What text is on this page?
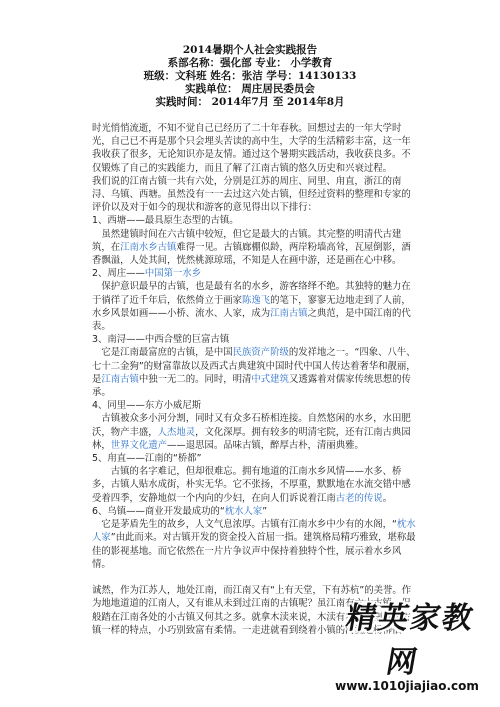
2014暑期个人社会实践报告
系部名称：强化部 专业： 小学教育
班级：文科班 姓名：张洁 学号：14130133
实践单位： 周庄居民委员会
实践时间： 2014年7月 至 2014年8月
时光悄悄流逝，不知不觉自己已经历了二十年春秋。回想过去的一年大学时光，自己已不再是那个只会埋头苦读的高中生，大学的生活精彩丰富，这一年我收获了很多，无论知识亦是友情。通过这个暑期实践活动，我收获良多。不仅锻炼了自己的实践能力，而且了解了江南古镇的悠久历史和兴衰过程。
我们说的江南古镇一共有六处，分别是江苏的周庄、同里、甪直，浙江的南浔、乌镇、西塘。虽然没有一一去过这六处古镇，但经过资料的整理和专家的评价以及对于如今的现状和游客的意见得出以下排行：
1、西塘——最具原生态型的古镇。
　虽然建镇时间在六古镇中较短，但它是最大的古镇。其完整的明清代古建筑，在江南水乡古镇难得一见。古镇廊棚似龄，两岸粉墙高耸，瓦屋倒影，酒香飘溢，人处其间，恍然桃源琼瑶，不知是人在画中游，还是画在心中移。
2、周庄——中国第一水乡
　保护意识最早的古镇，也是最有名的水乡，游客络绎不绝。其独特的魅力在于徜徉了近千年后，依然倚立于画家陈逸飞的笔下，寥寥无边地走到了人前，水乡风景如画——小桥、流水、人家，成为江南古镇之典范，是中国江南的代表。
3、南浔——中西合璧的巨富古镇
　它是江南最富庶的古镇，是中国民族资产阶级的发祥地之一。“四象、八牛、七十二金狗”的财富靠故以及西式古典建筑中国时代中国人传达着奢华和靓丽，是江南古镇中独一无二的。同时，明清中式建筑又透露着对儒家传统思想的传承。
4、同里——东方小威尼斯
　古镇被众多小河分割，同时又有众多石桥相连接。自然悠闲的水乡，水田肥沃，物产丰盛，人杰地灵，文化深厚。拥有较多的明清宅院，还有江南古典园林，世界文化遗产——退思园。品味古镇，醉厚古朴，清丽典雅。
5、甪直——江南的“桥都”
　　古镇的名字难记，但却很难忘。拥有地道的江南水乡风情——水多、桥多，古镇人贴水成街，朴实无华。它不张扬，不厚重，默默地在水流交错中感受着四季，安静地似一个内向的少妇，在向人们诉说着江南古老的传说。
6、乌镇——商业开发最成功的“枕水人家”
　它是茅盾先生的故乡，人文气息浓厚。古镇有江南水乡中少有的水阁，“枕水人家”由此而来。对古镇开发的资金投入首屈一指。建筑格局精巧雅致，堪称最佳的影视基地。而它依然在一片片争议声中保持着独特个性，展示着水乡风情。
诚然，作为江苏人，地处江南，而江南又有“上有天堂，下有苏杭”的美誉。作为地地道道的江南人，又有谁从未到过江南的古镇呢？虽江南有六大古镇，但般踏在江南各处的小古镇又何其之多。就拿木渎来说，木渎有着和江南其它古镇一样的特点，小巧别致富有柔情。一走进就看到绕着小镇的河流边杨柳依
精英家教网
www.1010jiajiao.com
